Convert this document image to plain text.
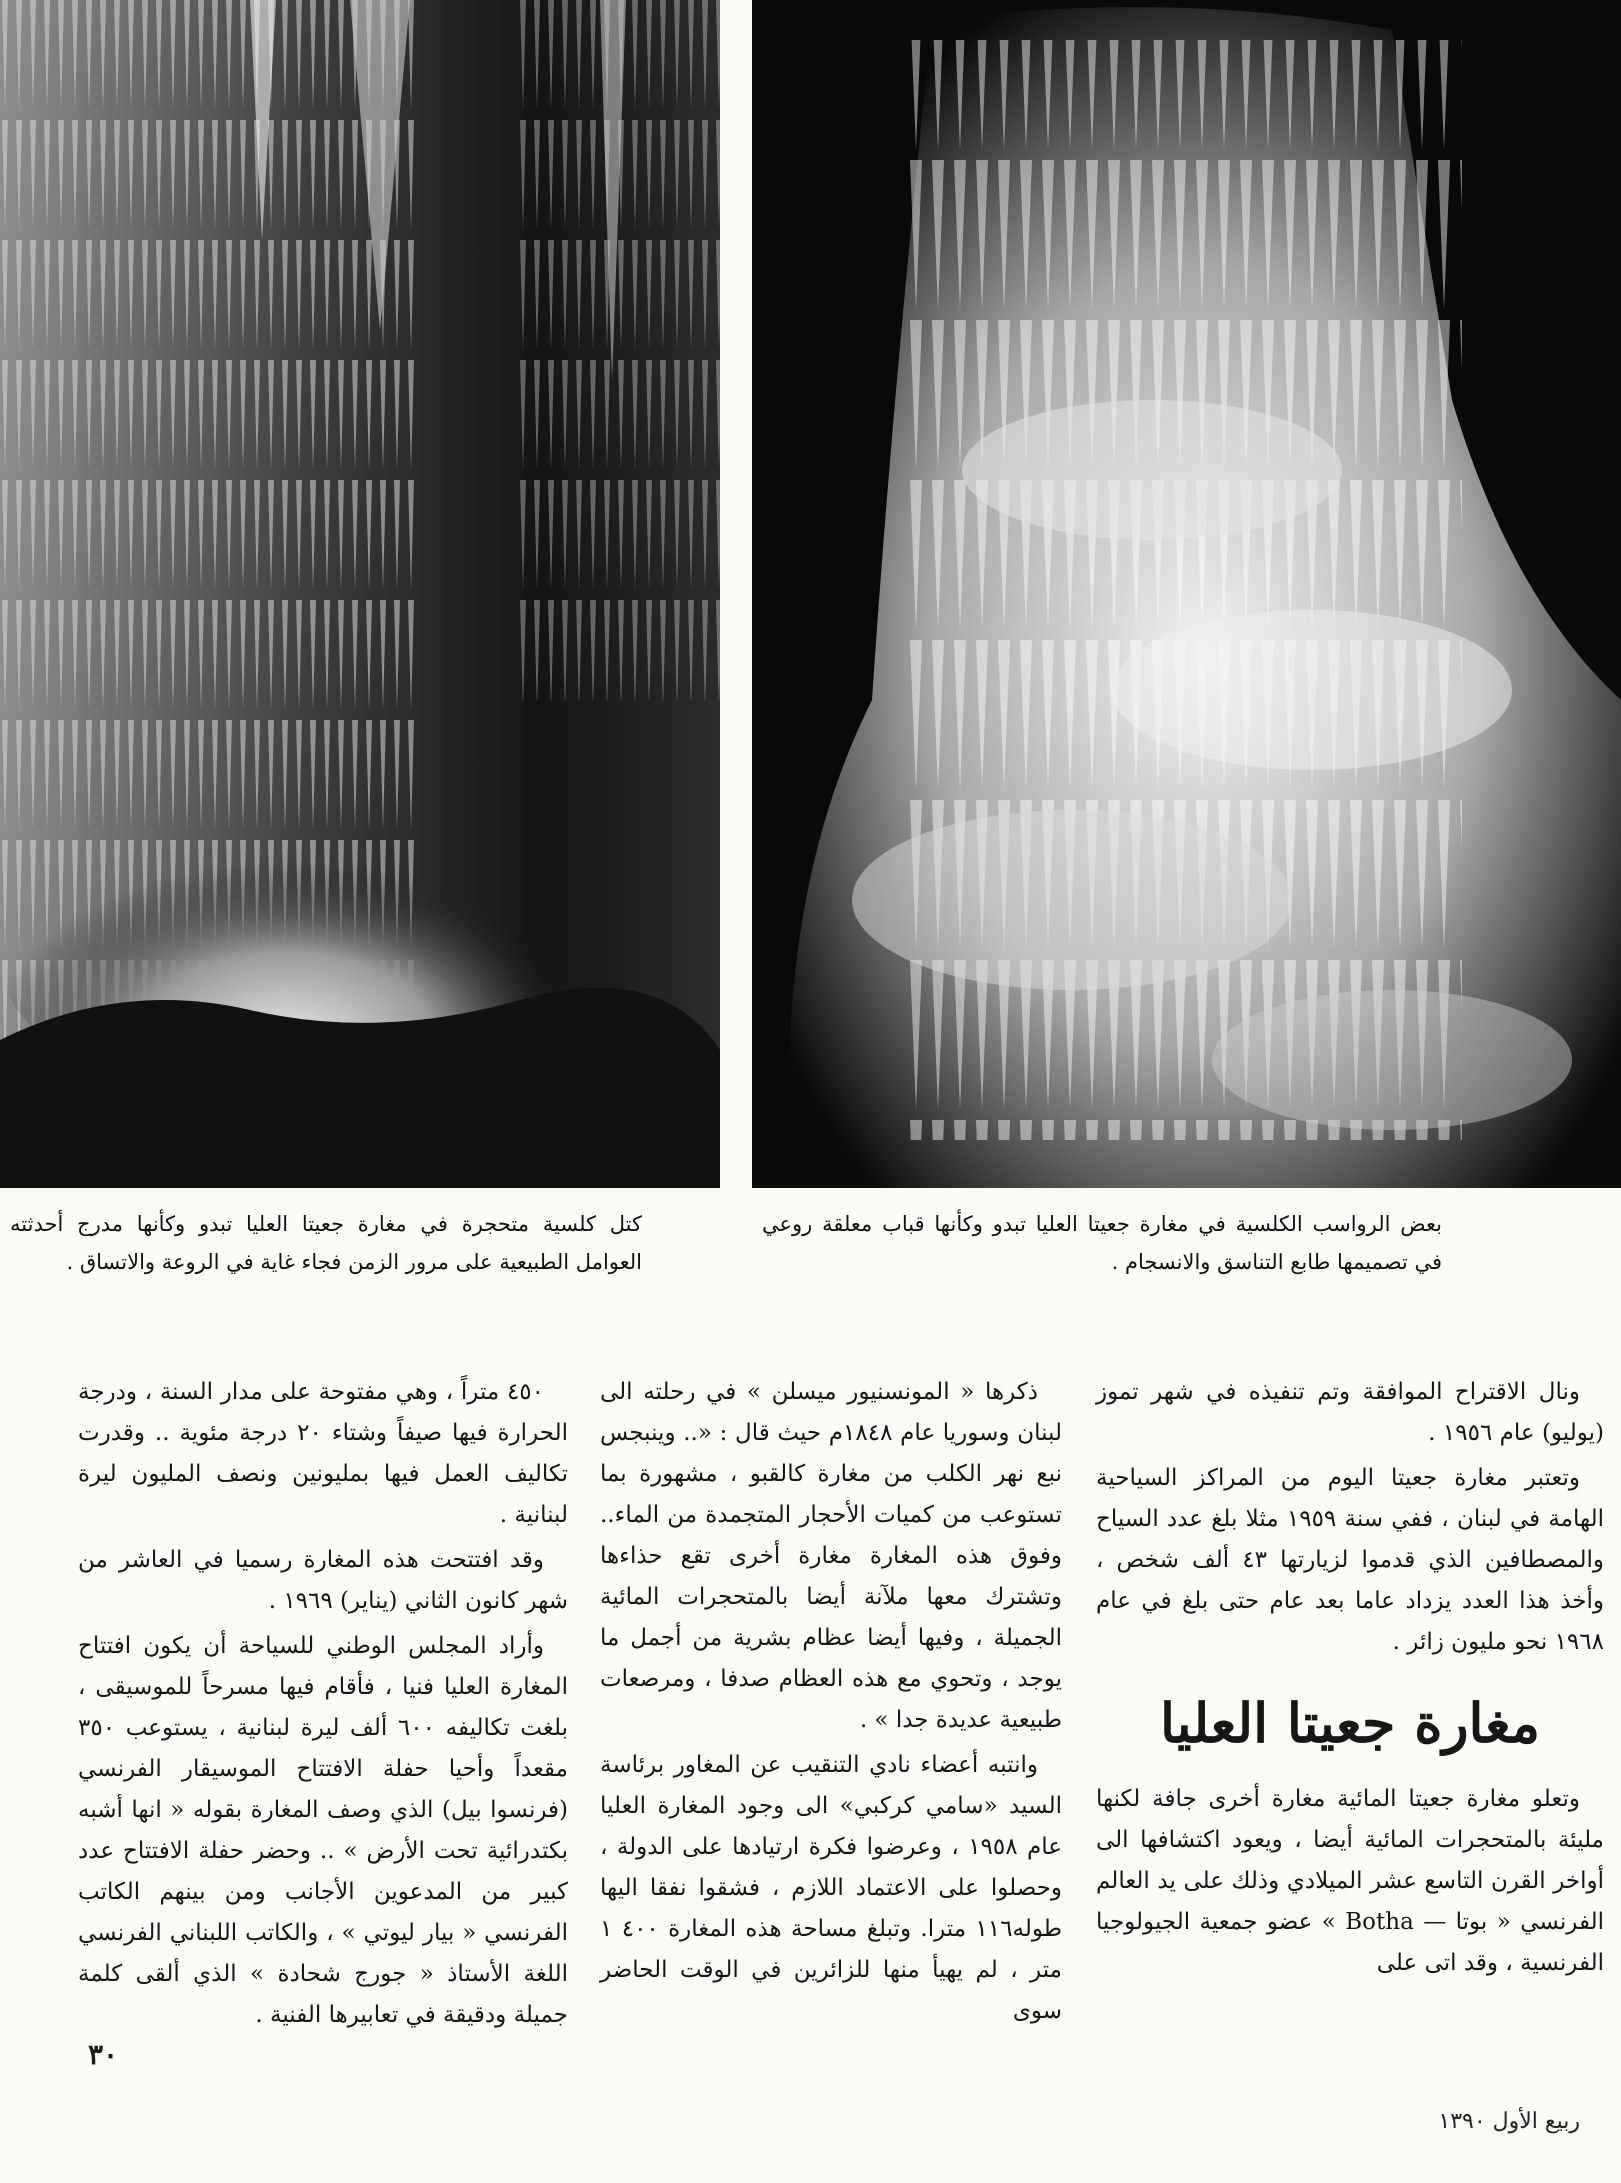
كتل كلسية متحجرة في مغارة جعيتا العليا تبدو وكأنها مدرج أحدثته العوامل الطبيعية على مرور الزمن فجاء غاية في الروعة والاتساق .
بعض الرواسب الكلسية في مغارة جعيتا العليا تبدو وكأنها قباب معلقة روعي في تصميمها طابع التناسق والانسجام .

ونال الاقتراح الموافقة وتم تنفيذه في شهر تموز (يوليو) عام ١٩٥٦ .

وتعتبر مغارة جعيتا اليوم من المراكز السياحية الهامة في لبنان ، ففي سنة ١٩٥٩ مثلا بلغ عدد السياح والمصطافين الذي قدموا لزيارتها ٤٣ ألف شخص ، وأخذ هذا العدد يزداد عاما بعد عام حتى بلغ في عام ١٩٦٨ نحو مليون زائر .

مغارة جعيتا العليا

وتعلو مغارة جعيتا المائية مغارة أخرى جافة لكنها مليئة بالمتحجرات المائية أيضا ، ويعود اكتشافها الى أواخر القرن التاسع عشر الميلادي وذلك على يد العالم الفرنسي « بوتا — Botha » عضو جمعية الجيولوجيا الفرنسية ، وقد اتى على

ذكرها « المونسنيور ميسلن » في رحلته الى لبنان وسوريا عام ١٨٤٨م حيث قال : «.. وينبجس نبع نهر الكلب من مغارة كالقبو ، مشهورة بما تستوعب من كميات الأحجار المتجمدة من الماء.. وفوق هذه المغارة مغارة أخرى تقع حذاءها وتشترك معها ملآنة أيضا بالمتحجرات المائية الجميلة ، وفيها أيضا عظام بشرية من أجمل ما يوجد ، وتحوي مع هذه العظام صدفا ، ومرصعات طبيعية عديدة جدا » .

وانتبه أعضاء نادي التنقيب عن المغاور برئاسة السيد «سامي كركبي» الى وجود المغارة العليا عام ١٩٥٨ ، وعرضوا فكرة ارتيادها على الدولة ، وحصلوا على الاعتماد اللازم ، فشقوا نفقا اليها طوله١١٦ مترا. وتبلغ مساحة هذه المغارة ٤٠٠ ١ متر ، لم يهيأ منها للزائرين في الوقت الحاضر سوى

٤٥٠ متراً ، وهي مفتوحة على مدار السنة ، ودرجة الحرارة فيها صيفاً وشتاء ٢٠ درجة مئوية .. وقدرت تكاليف العمل فيها بمليونين ونصف المليون ليرة لبنانية .

وقد افتتحت هذه المغارة رسميا في العاشر من شهر كانون الثاني (يناير) ١٩٦٩ .

وأراد المجلس الوطني للسياحة أن يكون افتتاح المغارة العليا فنيا ، فأقام فيها مسرحاً للموسيقى ، بلغت تكاليفه ٦٠٠ ألف ليرة لبنانية ، يستوعب ٣٥٠ مقعداً وأحيا حفلة الافتتاح الموسيقار الفرنسي (فرنسوا بيل) الذي وصف المغارة بقوله « انها أشبه بكتدرائية تحت الأرض » .. وحضر حفلة الافتتاح عدد كبير من المدعوين الأجانب ومن بينهم الكاتب الفرنسي « بيار ليوتي » ، والكاتب اللبناني الفرنسي اللغة الأستاذ « جورج شحادة » الذي ألقى كلمة جميلة ودقيقة في تعابيرها الفنية .

٣٠
ربيع الأول ١٣٩٠
